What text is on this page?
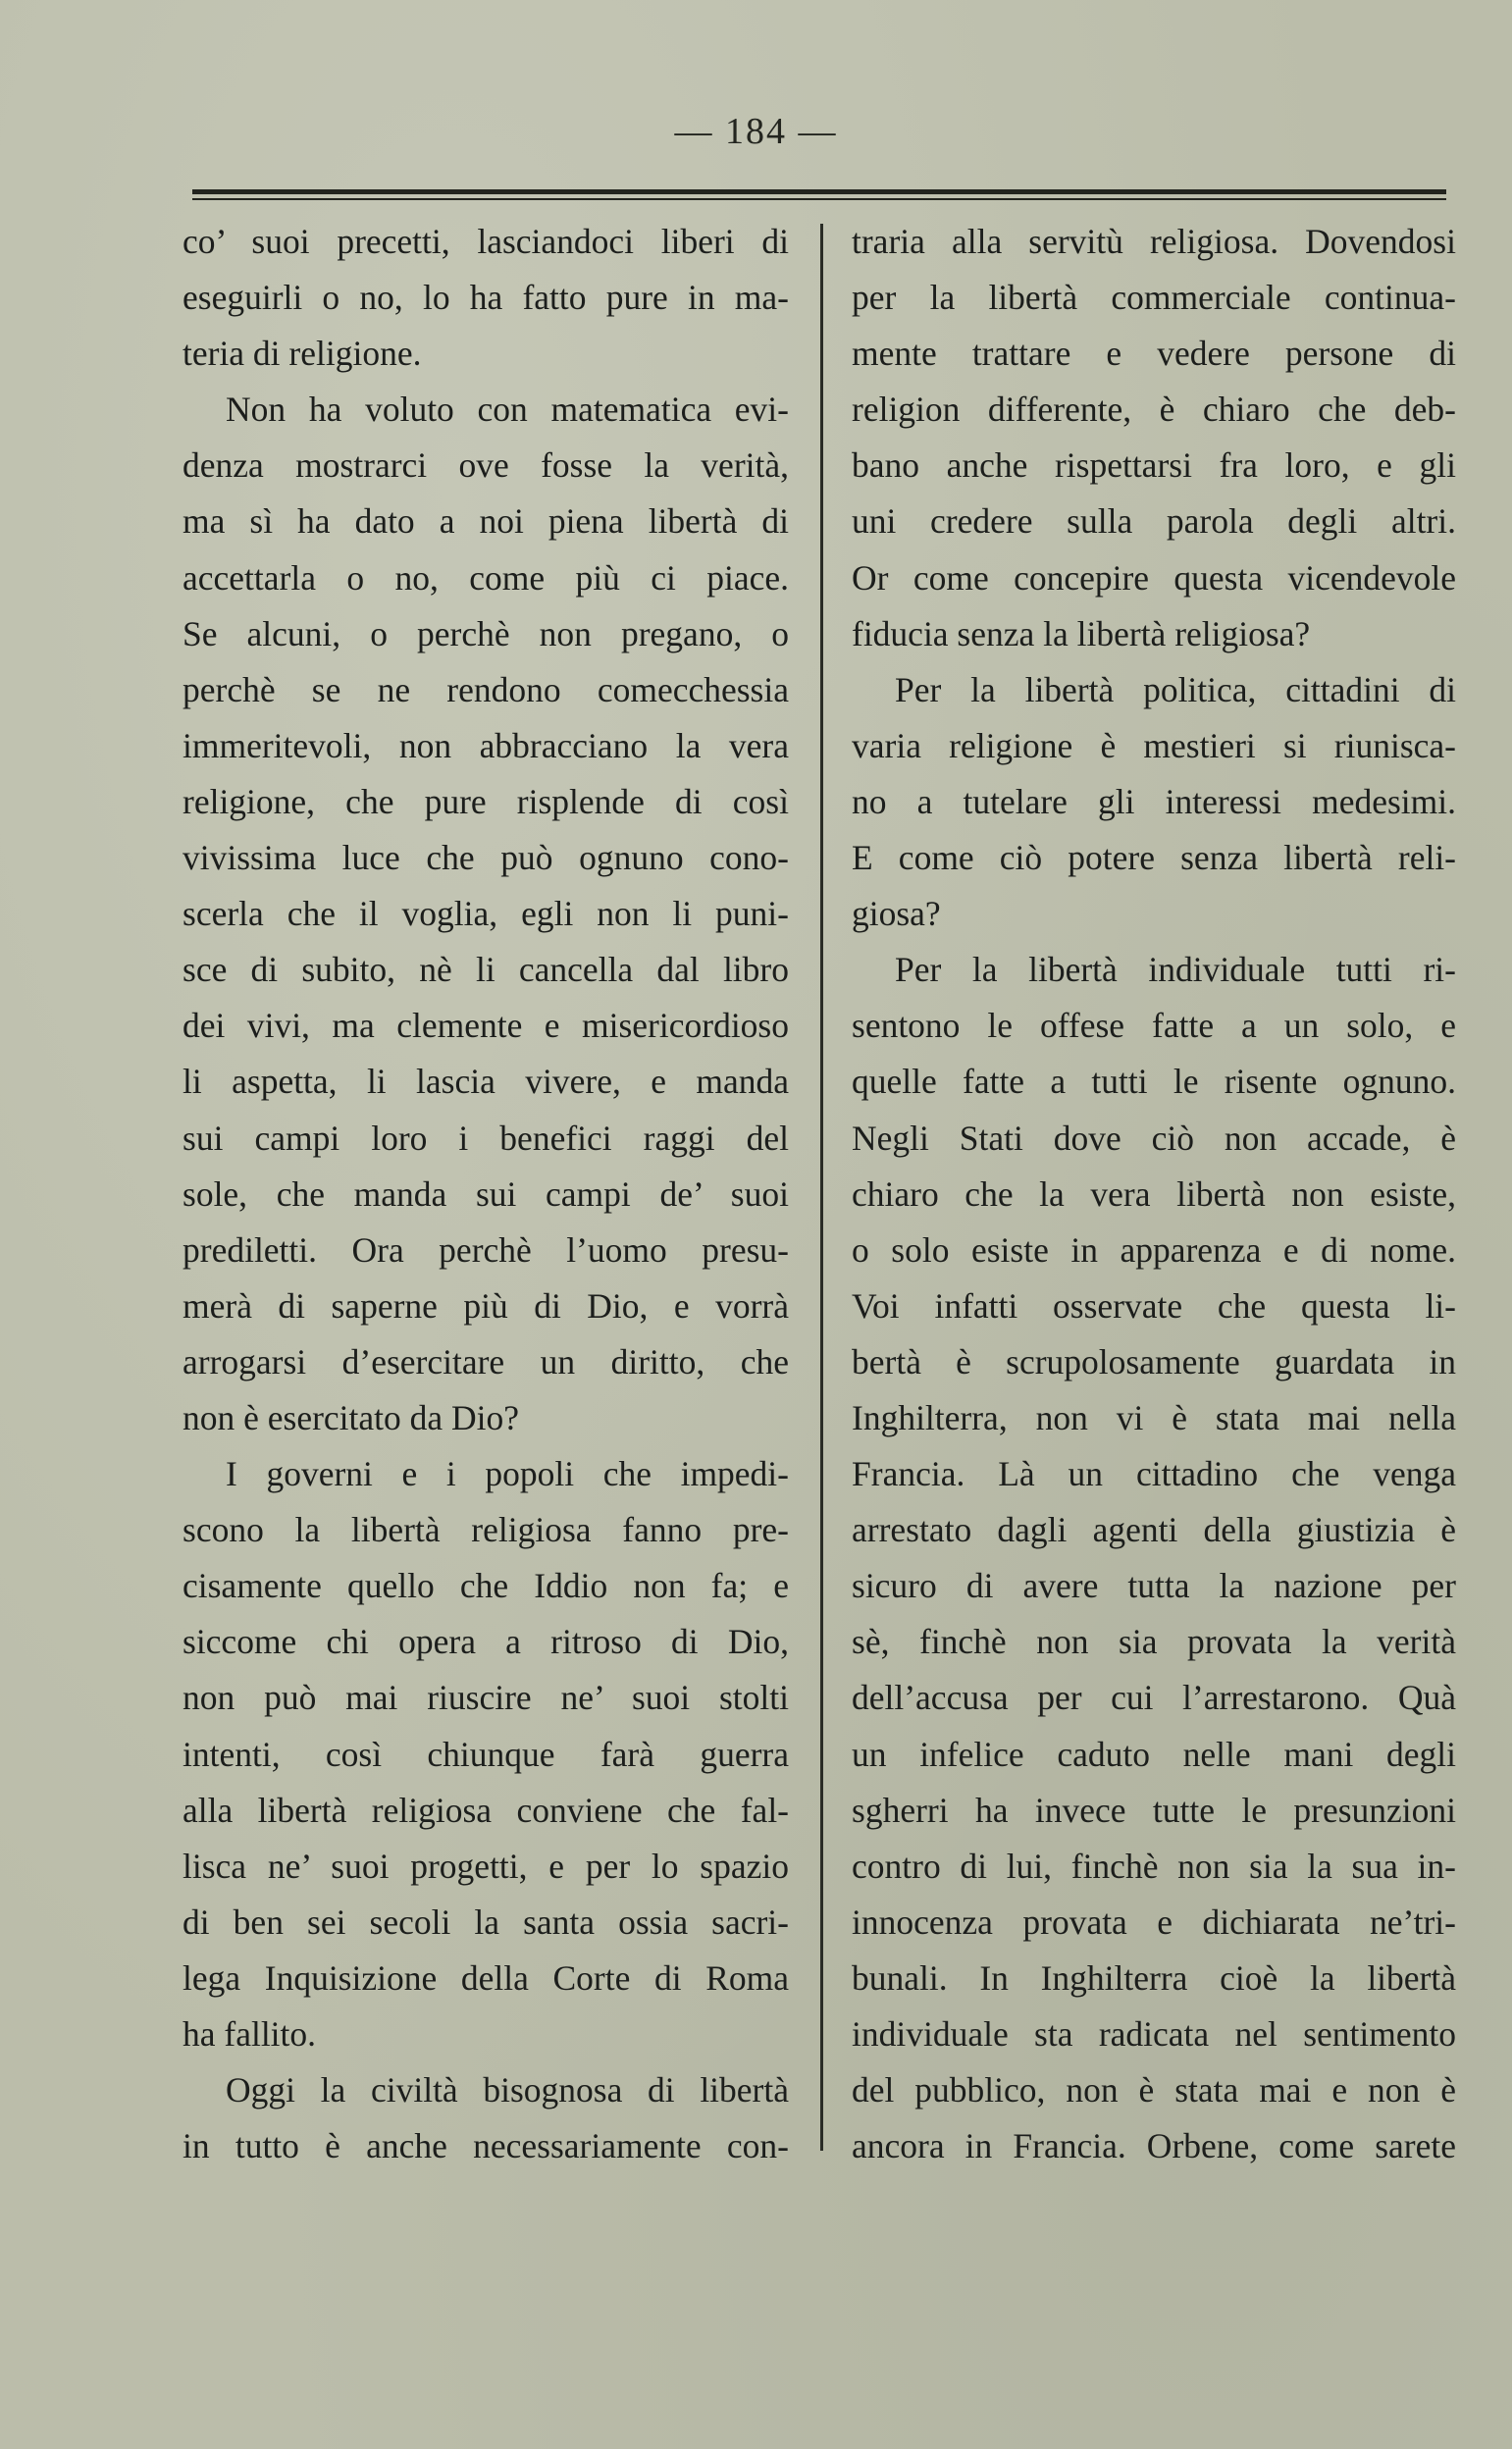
— 184 —
co’ suoi precetti, lasciandoci liberi di
eseguirli o no, lo ha fatto pure in ma-
teria di religione.
Non ha voluto con matematica evi-
denza mostrarci ove fosse la verità,
ma sì ha dato a noi piena libertà di
accettarla o no, come più ci piace.
Se alcuni, o perchè non pregano, o
perchè se ne rendono comecchessia
immeritevoli, non abbracciano la vera
religione, che pure risplende di così
vivissima luce che può ognuno cono-
scerla che il voglia, egli non li puni-
sce di subito, nè li cancella dal libro
dei vivi, ma clemente e misericordioso
li aspetta, li lascia vivere, e manda
sui campi loro i benefici raggi del
sole, che manda sui campi de’ suoi
prediletti. Ora perchè l’uomo presu-
merà di saperne più di Dio, e vorrà
arrogarsi d’esercitare un diritto, che
non è esercitato da Dio?
I governi e i popoli che impedi-
scono la libertà religiosa fanno pre-
cisamente quello che Iddio non fa; e
siccome chi opera a ritroso di Dio,
non può mai riuscire ne’ suoi stolti
intenti, così chiunque farà guerra
alla libertà religiosa conviene che fal-
lisca ne’ suoi progetti, e per lo spazio
di ben sei secoli la santa ossia sacri-
lega Inquisizione della Corte di Roma
ha fallito.
Oggi la civiltà bisognosa di libertà
in tutto è anche necessariamente con-
traria alla servitù religiosa. Dovendosi
per la libertà commerciale continua-
mente trattare e vedere persone di
religion differente, è chiaro che deb-
bano anche rispettarsi fra loro, e gli
uni credere sulla parola degli altri.
Or come concepire questa vicendevole
fiducia senza la libertà religiosa?
Per la libertà politica, cittadini di
varia religione è mestieri si riunisca-
no a tutelare gli interessi medesimi.
E come ciò potere senza libertà reli-
giosa?
Per la libertà individuale tutti ri-
sentono le offese fatte a un solo, e
quelle fatte a tutti le risente ognuno.
Negli Stati dove ciò non accade, è
chiaro che la vera libertà non esiste,
o solo esiste in apparenza e di nome.
Voi infatti osservate che questa li-
bertà è scrupolosamente guardata in
Inghilterra, non vi è stata mai nella
Francia. Là un cittadino che venga
arrestato dagli agenti della giustizia è
sicuro di avere tutta la nazione per
sè, finchè non sia provata la verità
dell’accusa per cui l’arrestarono. Quà
un infelice caduto nelle mani degli
sgherri ha invece tutte le presunzioni
contro di lui, finchè non sia la sua in-
innocenza provata e dichiarata ne’tri-
bunali. In Inghilterra cioè la libertà
individuale sta radicata nel sentimento
del pubblico, non è stata mai e non è
ancora in Francia. Orbene, come sarete
